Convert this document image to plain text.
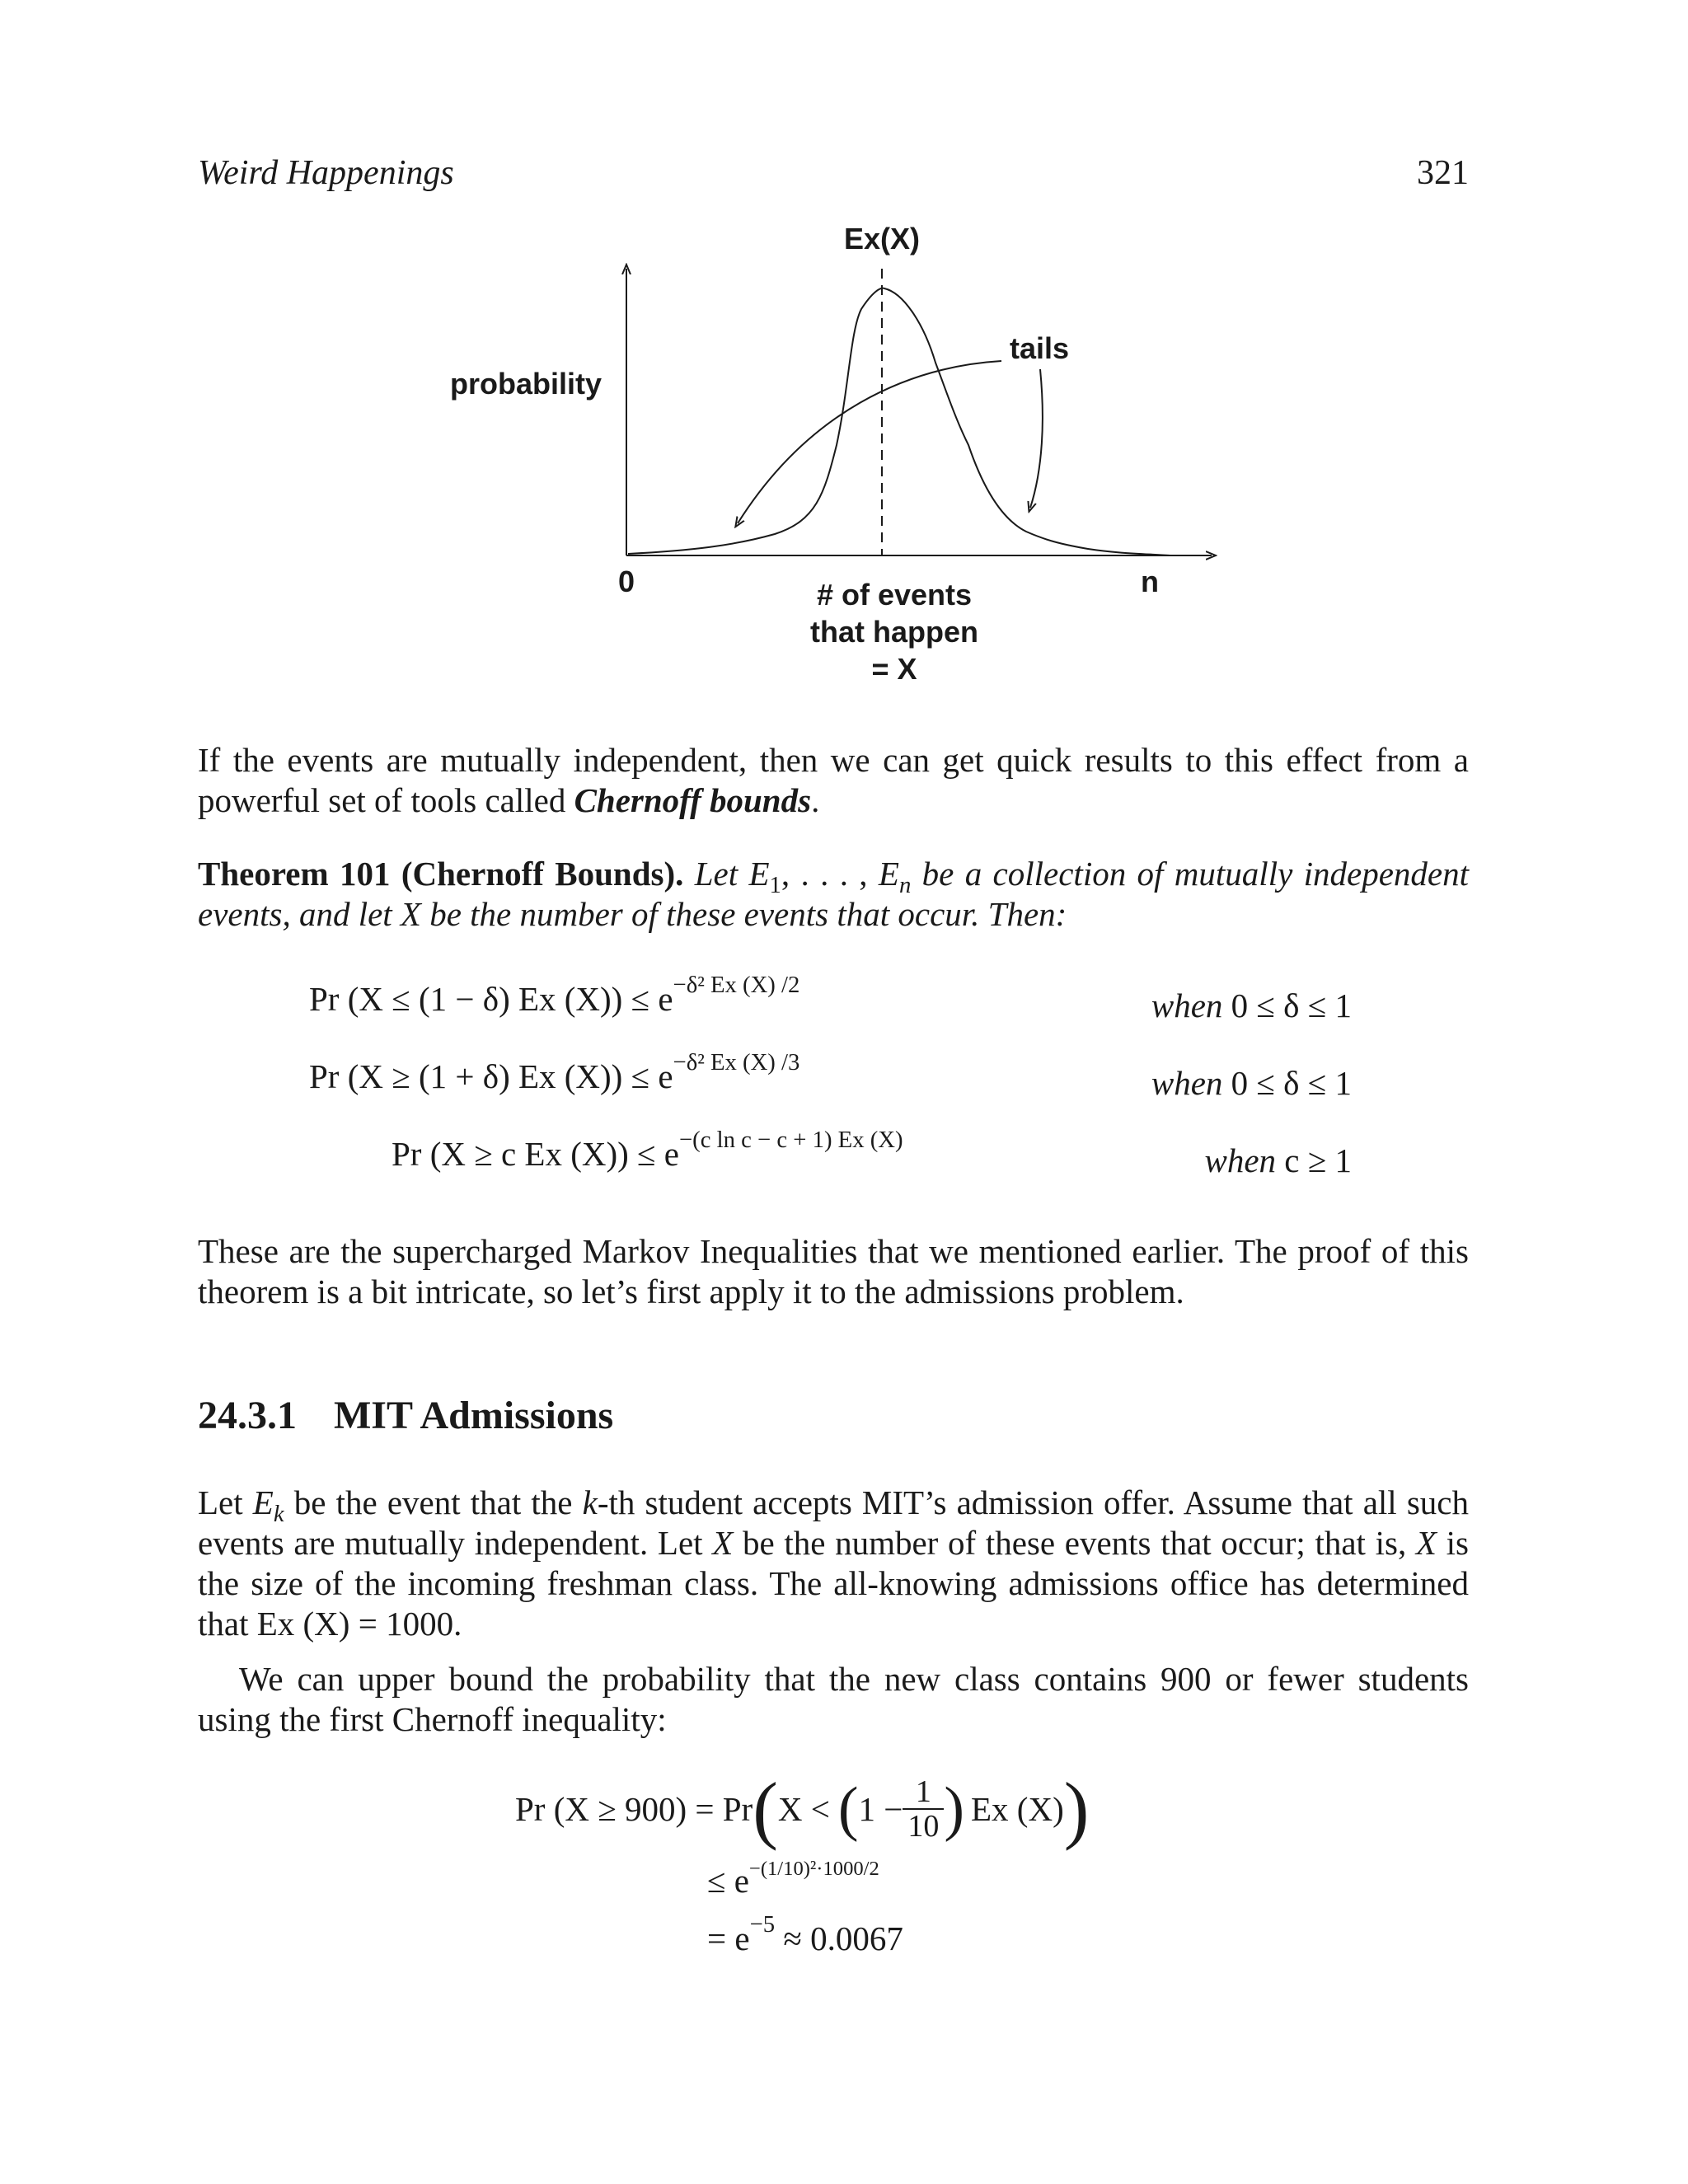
Weird Happenings	321
Ex(X)
tails
probability
0	n
# of events
that happen
= X

If the events are mutually independent, then we can get quick results to this effect from a powerful set of tools called Chernoff bounds.

Theorem 101 (Chernoff Bounds). Let $E_1$, . . . , $E_n$ be a collection of mutually independent events, and let X be the number of these events that occur. Then:

Pr (X ≤ (1 − δ) Ex $(X)) \le e^{-\delta^2 Ex (X) /2}$
when 0 ≤ δ ≤ 1
Pr (X ≥ (1 + δ) Ex $(X)) \le e^{-\delta^2 Ex (X) /3}$
when 0 ≤ δ ≤ 1
Pr (X ≥ c Ex $(X)) \le e^{-(c ln c - c + 1) Ex (X)}$
when c ≥ 1

These are the supercharged Markov Inequalities that we mentioned earlier. The proof of this theorem is a bit intricate, so let’s first apply it to the admissions problem.

24.3.1 MIT Admissions

Let $E_k$ be the event that the k-th student accepts MIT’s admission offer. Assume that all such events are mutually independent. Let X be the number of these events that occur; that is, X is the size of the incoming freshman class. The all-knowing admissions office has determined that Ex (X) = 1000.

We can upper bound the probability that the new class contains 900 or fewer students using the first Chernoff inequality:

Pr (X ≥ 900) = Pr ( X < ( $1 - \frac{1}{10}$ ) Ex (X) )
≤ $e^{-(1/10)^2\cdot 1000/2}$
= $e^{-5} \approx 0.0067$
